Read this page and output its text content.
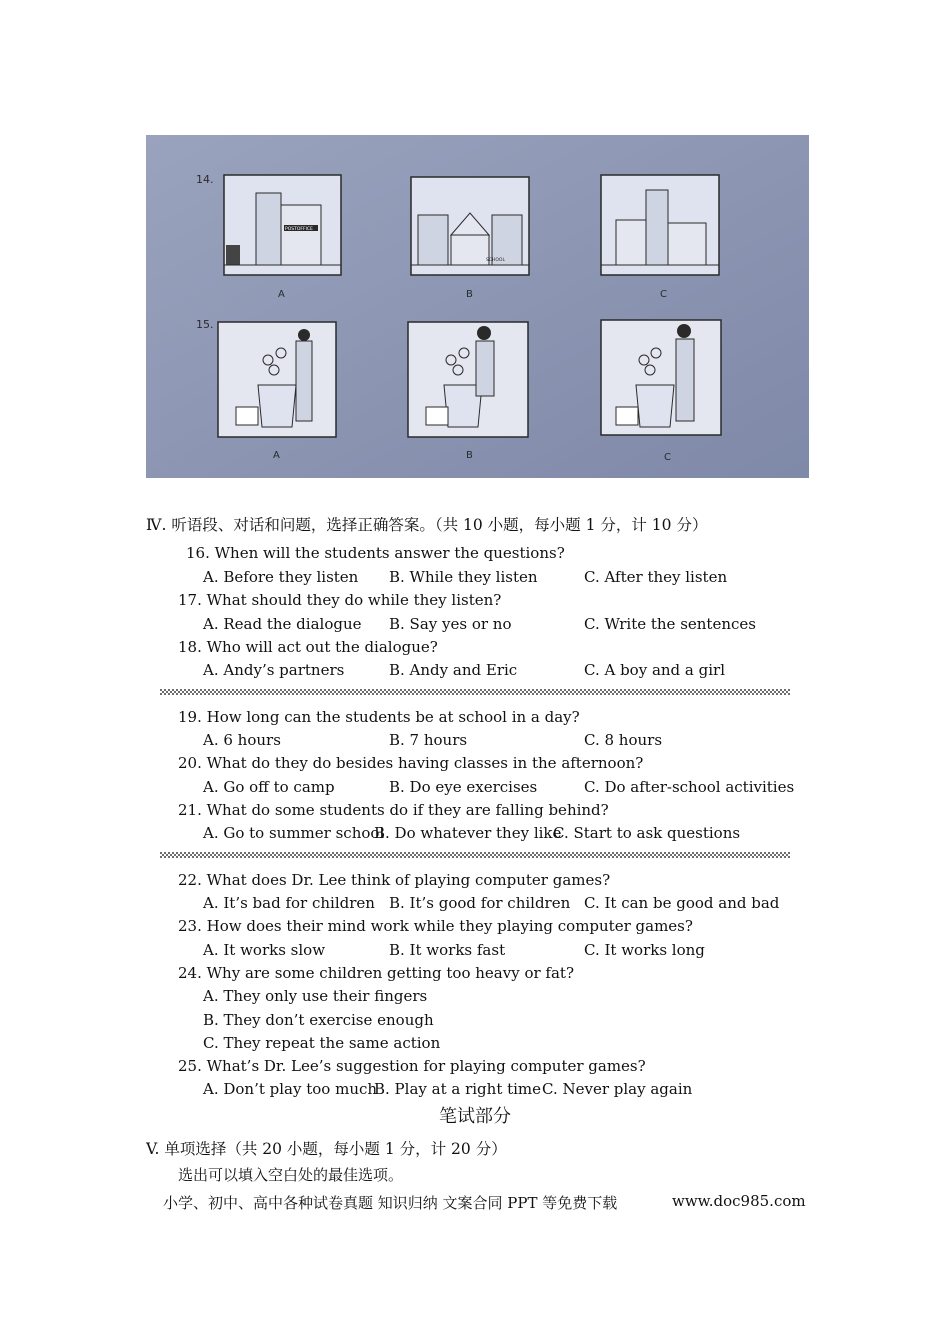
14.
15.
POSTOFFICE
A
SCHOOL
B	C
A	B	C
Ⅳ. 听语段、对话和问题，选择正确答案。（共 10 小题，每小题 1 分，计 10 分）
16. When will the students answer the questions?
A. Before they listen B. While they listen	C. After they listen
17. What should they do while they listen?
A. Read the dialogue B. Say yes or no	C. Write the sentences
18. Who will act out the dialogue?
A. Andy’s partners	B. Andy and Eric	C. A boy and a girl
19. How long can the students be at school in a day?
A. 6 hours	B. 7 hours	C. 8 hours
20. What do they do besides having classes in the afternoon?
A. Go off to camp	B. Do eye exercises	C. Do after-school activities
21. What do some students do if they are falling behind?
A. Go to summer school
B. Do whatever they like
C. Start to ask questions
22. What does Dr. Lee think of playing computer games?
A. It’s bad for children B. It’s good for children C. It can be good and bad
23. How does their mind work while they playing computer games?
A. It works slow	B. It works fast	C. It works long
24. Why are some children getting too heavy or fat?
A. They only use their fingers
B. They don’t exercise enough
C. They repeat the same action
25. What’s Dr. Lee’s suggestion for playing computer games?
A. Don’t play too much
B. Play at a right time C. Never play again
笔试部分
V. 单项选择（共 20 小题，每小题 1 分，计 20 分）
选出可以填入空白处的最佳选项。
小学、初中、高中各种试卷真题 知识归纳 文案合同 PPT 等免费下载	www.doc985.com
